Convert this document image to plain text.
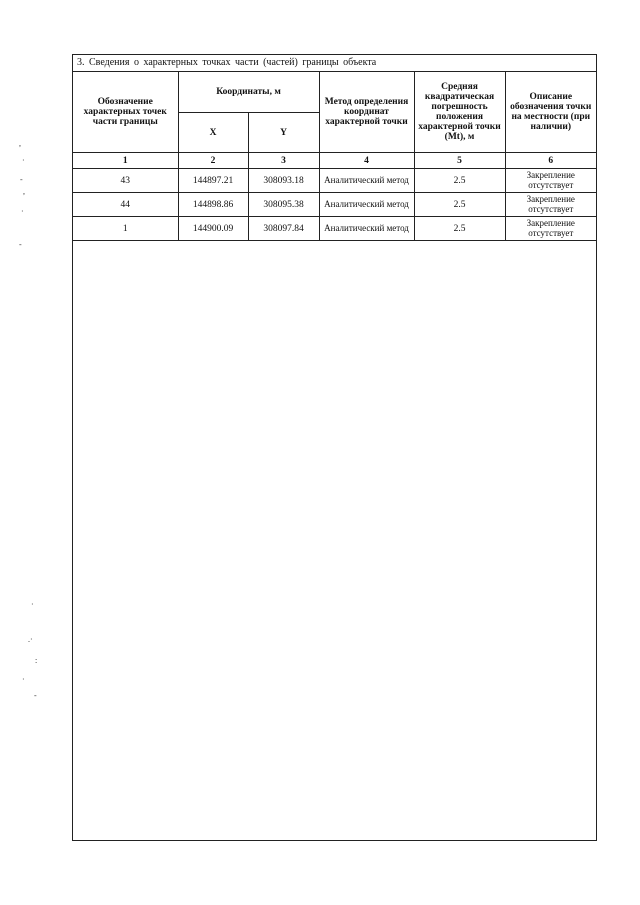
,
·
-
,
·
-
·
.·
:
·
-
3. Сведения о характерных точках части (частей) границы объекта
Обозначение характерных точек части границы	Координаты, м		Метод определения координат характерной точки	Средняя квадратическая погрешность положения характерной точки (Mt), м	Описание обозначения точки на местности (при наличии)
	X	Y			
1	2	3	4	5	6
43	144897.21	308093.18	Аналитический метод	2.5	Закрепление отсутствует
44	144898.86	308095.38	Аналитический метод	2.5	Закрепление отсутствует
1	144900.09	308097.84	Аналитический метод	2.5	Закрепление отсутствует
